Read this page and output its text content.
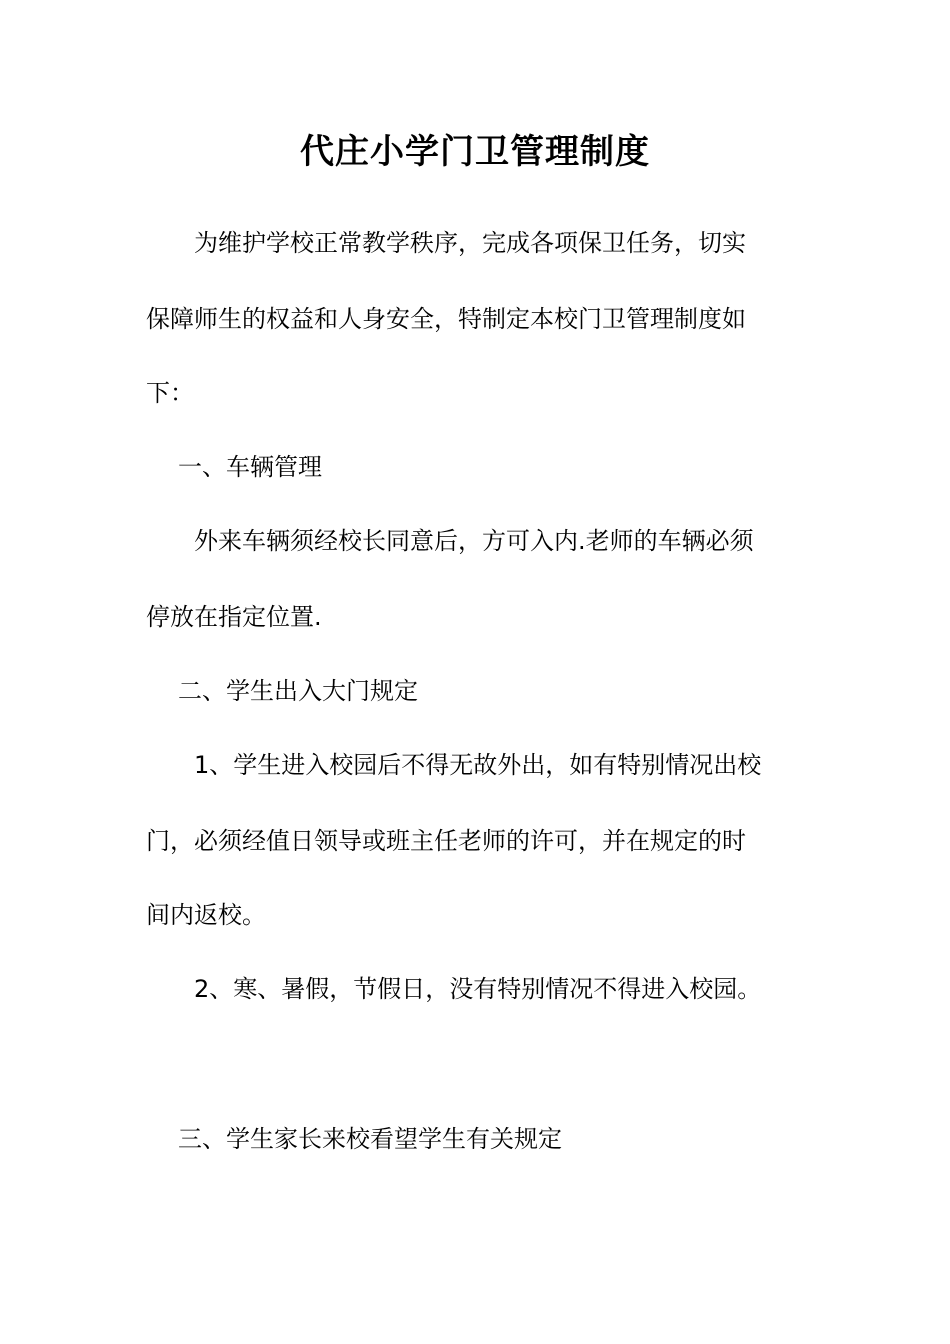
代庄小学门卫管理制度

为维护学校正常教学秩序，完成各项保卫任务，切实

保障师生的权益和人身安全，特制定本校门卫管理制度如

下：

一、车辆管理

外来车辆须经校长同意后，方可入内.老师的车辆必须

停放在指定位置.

二、学生出入大门规定

1、学生进入校园后不得无故外出，如有特别情况出校

门，必须经值日领导或班主任老师的许可，并在规定的时

间内返校。

2、寒、暑假，节假日，没有特别情况不得进入校园。

三、学生家长来校看望学生有关规定
